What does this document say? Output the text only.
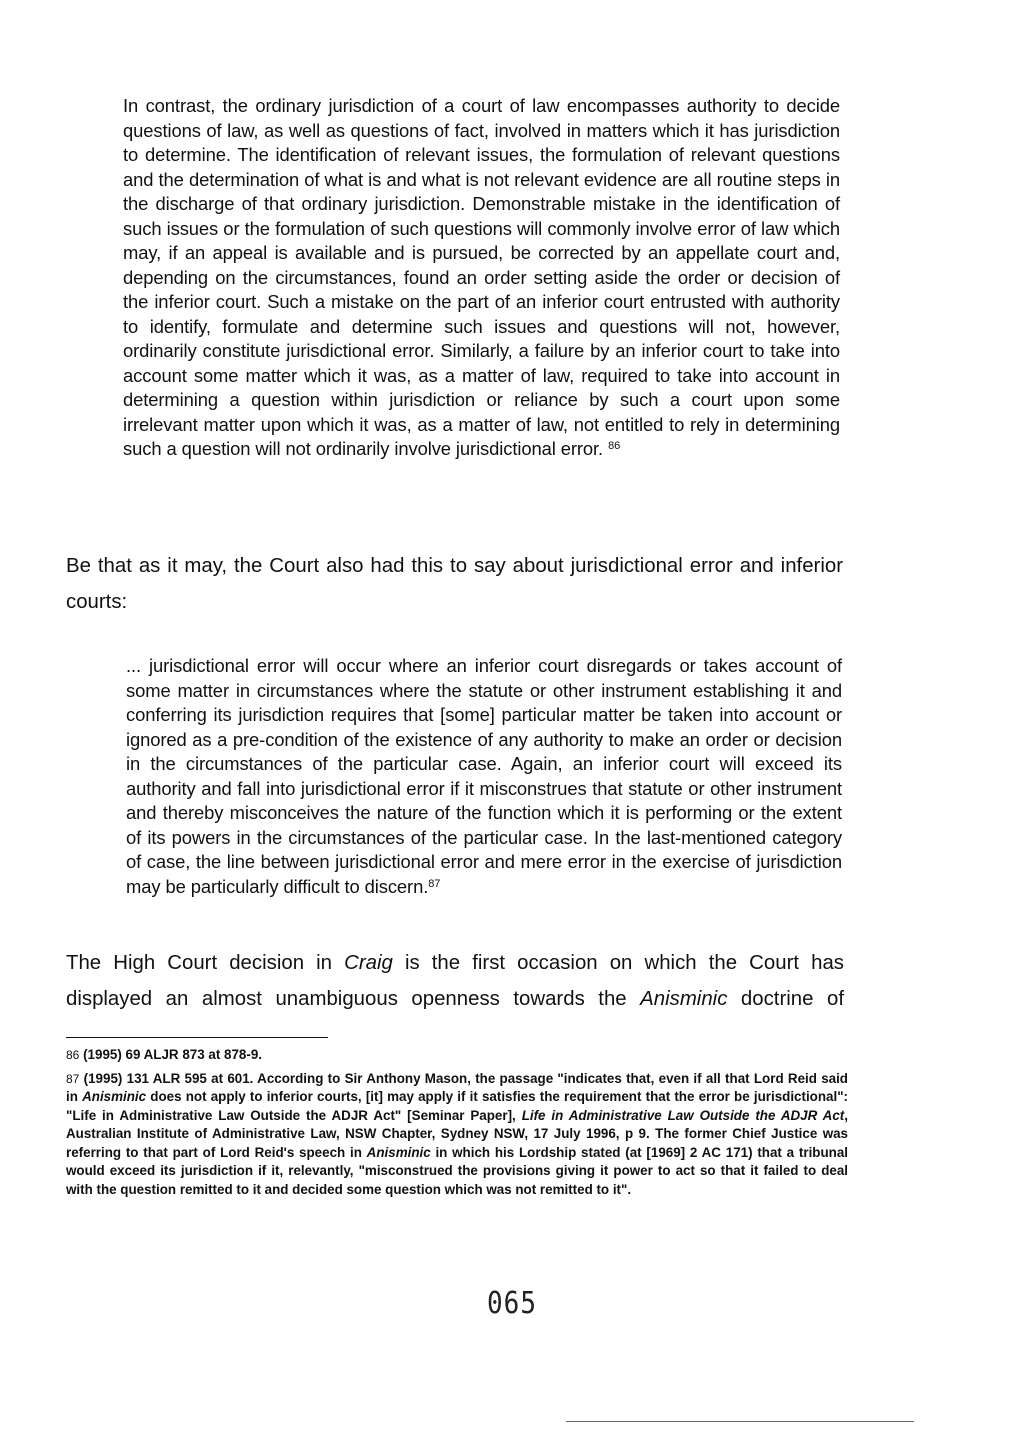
In contrast, the ordinary jurisdiction of a court of law encompasses authority to decide questions of law, as well as questions of fact, involved in matters which it has jurisdiction to determine. The identification of relevant issues, the formulation of relevant questions and the determination of what is and what is not relevant evidence are all routine steps in the discharge of that ordinary jurisdiction. Demonstrable mistake in the identification of such issues or the formulation of such questions will commonly involve error of law which may, if an appeal is available and is pursued, be corrected by an appellate court and, depending on the circumstances, found an order setting aside the order or decision of the inferior court. Such a mistake on the part of an inferior court entrusted with authority to identify, formulate and determine such issues and questions will not, however, ordinarily constitute jurisdictional error. Similarly, a failure by an inferior court to take into account some matter which it was, as a matter of law, required to take into account in determining a question within jurisdiction or reliance by such a court upon some irrelevant matter upon which it was, as a matter of law, not entitled to rely in determining such a question will not ordinarily involve jurisdictional error. $^{86}$
Be that as it may, the Court also had this to say about jurisdictional error and inferior courts:
... jurisdictional error will occur where an inferior court disregards or takes account of some matter in circumstances where the statute or other instrument establishing it and conferring its jurisdiction requires that [some] particular matter be taken into account or ignored as a pre-condition of the existence of any authority to make an order or decision in the circumstances of the particular case. Again, an inferior court will exceed its authority and fall into jurisdictional error if it misconstrues that statute or other instrument and thereby misconceives the nature of the function which it is performing or the extent of its powers in the circumstances of the particular case. In the last-mentioned category of case, the line between jurisdictional error and mere error in the exercise of jurisdiction may be particularly difficult to discern.$^{87}$
The High Court decision in Craig is the first occasion on which the Court has displayed an almost unambiguous openness towards the Anisminic doctrine of

86 (1995) 69 ALJR 873 at 878-9.

87 (1995) 131 ALR 595 at 601. According to Sir Anthony Mason, the passage "indicates that, even if all that Lord Reid said in Anisminic does not apply to inferior courts, [it] may apply if it satisfies the requirement that the error be jurisdictional": "Life in Administrative Law Outside the ADJR Act" [Seminar Paper], Life in Administrative Law Outside the ADJR Act, Australian Institute of Administrative Law, NSW Chapter, Sydney NSW, 17 July 1996, p 9. The former Chief Justice was referring to that part of Lord Reid's speech in Anisminic in which his Lordship stated (at [1969] 2 AC 171) that a tribunal would exceed its jurisdiction if it, relevantly, "misconstrued the provisions giving it power to act so that it failed to deal with the question remitted to it and decided some question which was not remitted to it".

065
